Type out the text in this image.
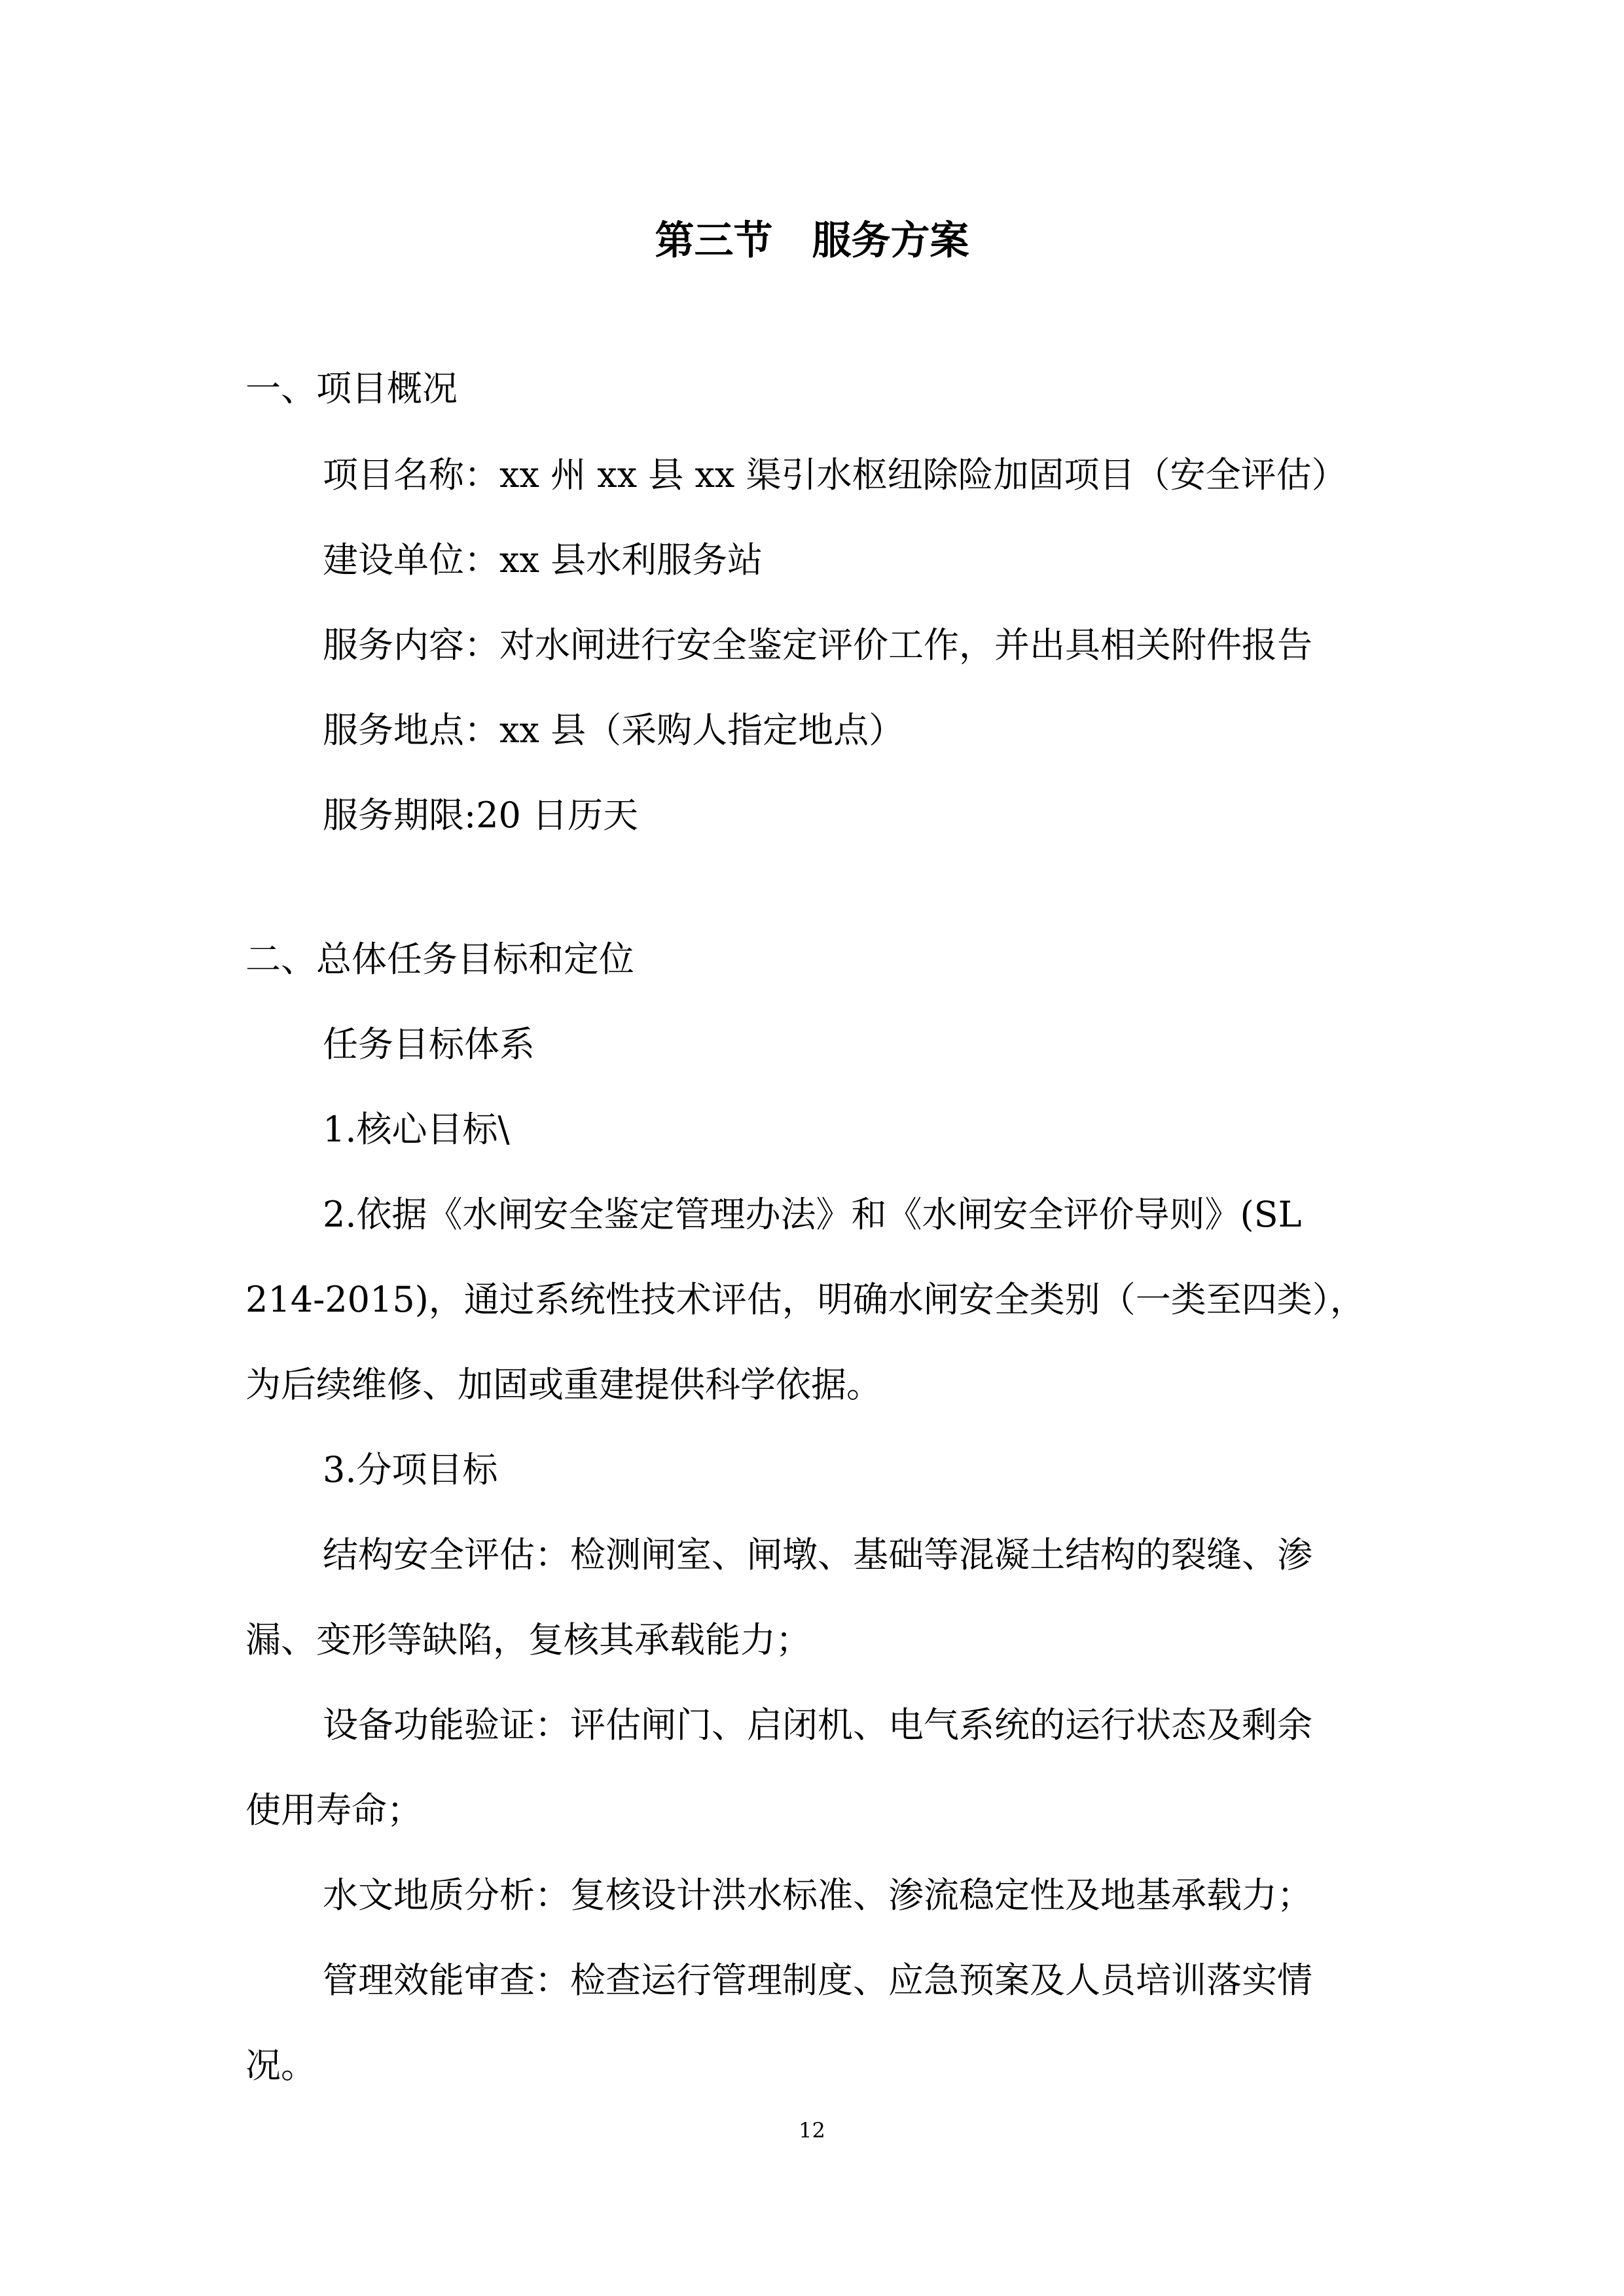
第三节　服务方案
一、项目概况
项目名称：xx 州 xx 县 xx 渠引水枢纽除险加固项目（安全评估）
建设单位：xx 县水利服务站
服务内容：对水闸进行安全鉴定评价工作，并出具相关附件报告
服务地点：xx 县（采购人指定地点）
服务期限:20 日历天
二、总体任务目标和定位
任务目标体系
1.核心目标\
2.依据《水闸安全鉴定管理办法》和《水闸安全评价导则》(SL
214-2015)，通过系统性技术评估，明确水闸安全类别（一类至四类），
为后续维修、加固或重建提供科学依据。
3.分项目标
结构安全评估：检测闸室、闸墩、基础等混凝土结构的裂缝、渗
漏、变形等缺陷，复核其承载能力；
设备功能验证：评估闸门、启闭机、电气系统的运行状态及剩余
使用寿命；
水文地质分析：复核设计洪水标准、渗流稳定性及地基承载力；
管理效能审查：检查运行管理制度、应急预案及人员培训落实情
况。
12
